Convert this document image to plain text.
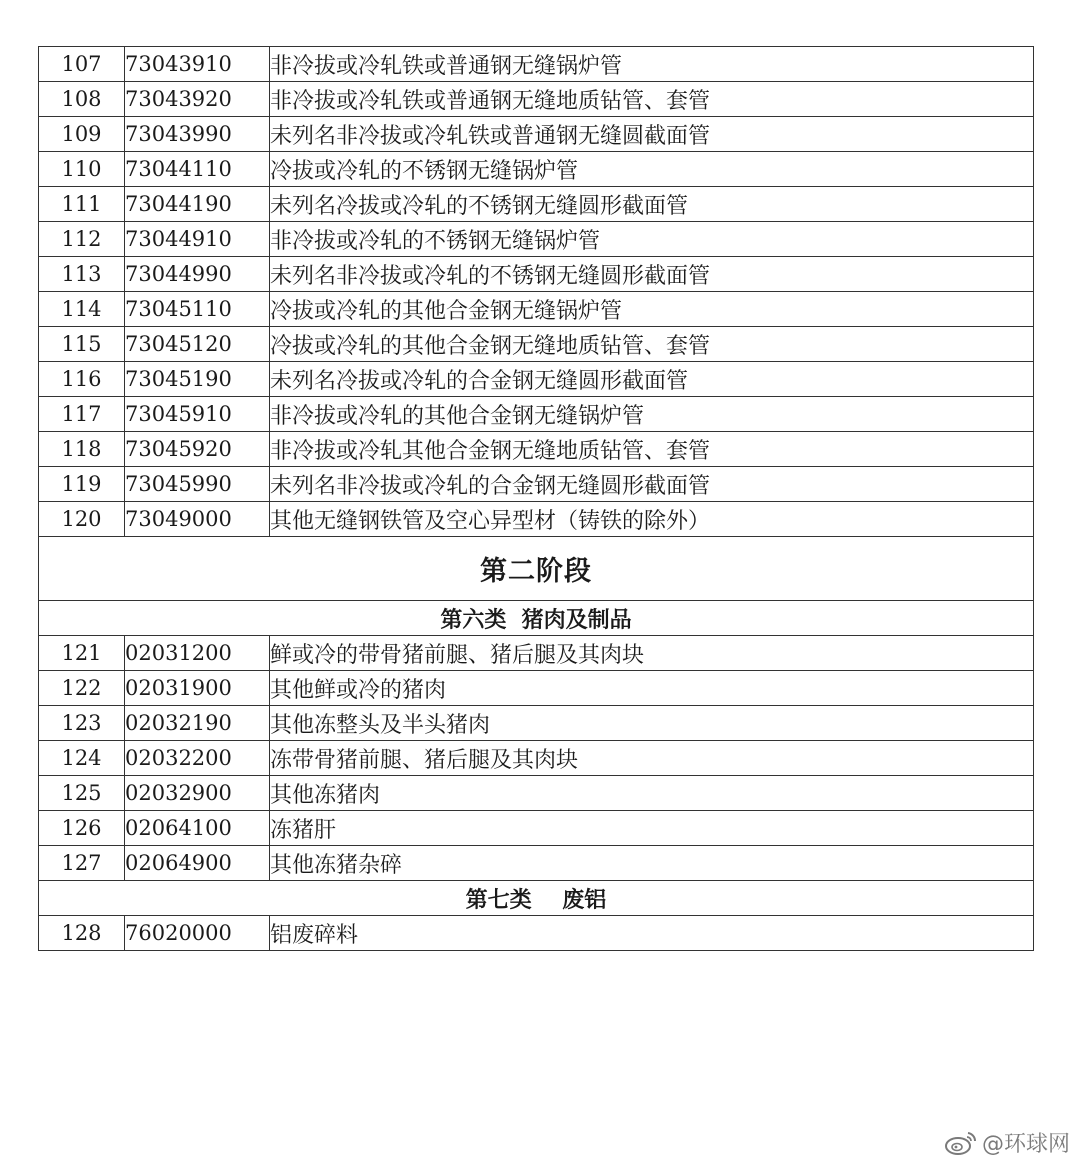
107	73043910	非冷拔或冷轧铁或普通钢无缝锅炉管
108	73043920	非冷拔或冷轧铁或普通钢无缝地质钻管、套管
109	73043990	未列名非冷拔或冷轧铁或普通钢无缝圆截面管
110	73044110	冷拔或冷轧的不锈钢无缝锅炉管
111	73044190	未列名冷拔或冷轧的不锈钢无缝圆形截面管
112	73044910	非冷拔或冷轧的不锈钢无缝锅炉管
113	73044990	未列名非冷拔或冷轧的不锈钢无缝圆形截面管
114	73045110	冷拔或冷轧的其他合金钢无缝锅炉管
115	73045120	冷拔或冷轧的其他合金钢无缝地质钻管、套管
116	73045190	未列名冷拔或冷轧的合金钢无缝圆形截面管
117	73045910	非冷拔或冷轧的其他合金钢无缝锅炉管
118	73045920	非冷拔或冷轧其他合金钢无缝地质钻管、套管
119	73045990	未列名非冷拔或冷轧的合金钢无缝圆形截面管
120	73049000	其他无缝钢铁管及空心异型材（铸铁的除外）
第二阶段		
第六类  猪肉及制品		
121	02031200	鲜或冷的带骨猪前腿、猪后腿及其肉块
122	02031900	其他鲜或冷的猪肉
123	02032190	其他冻整头及半头猪肉
124	02032200	冻带骨猪前腿、猪后腿及其肉块
125	02032900	其他冻猪肉
126	02064100	冻猪肝
127	02064900	其他冻猪杂碎
第七类    废铝		
128	76020000	铝废碎料
@环球网
